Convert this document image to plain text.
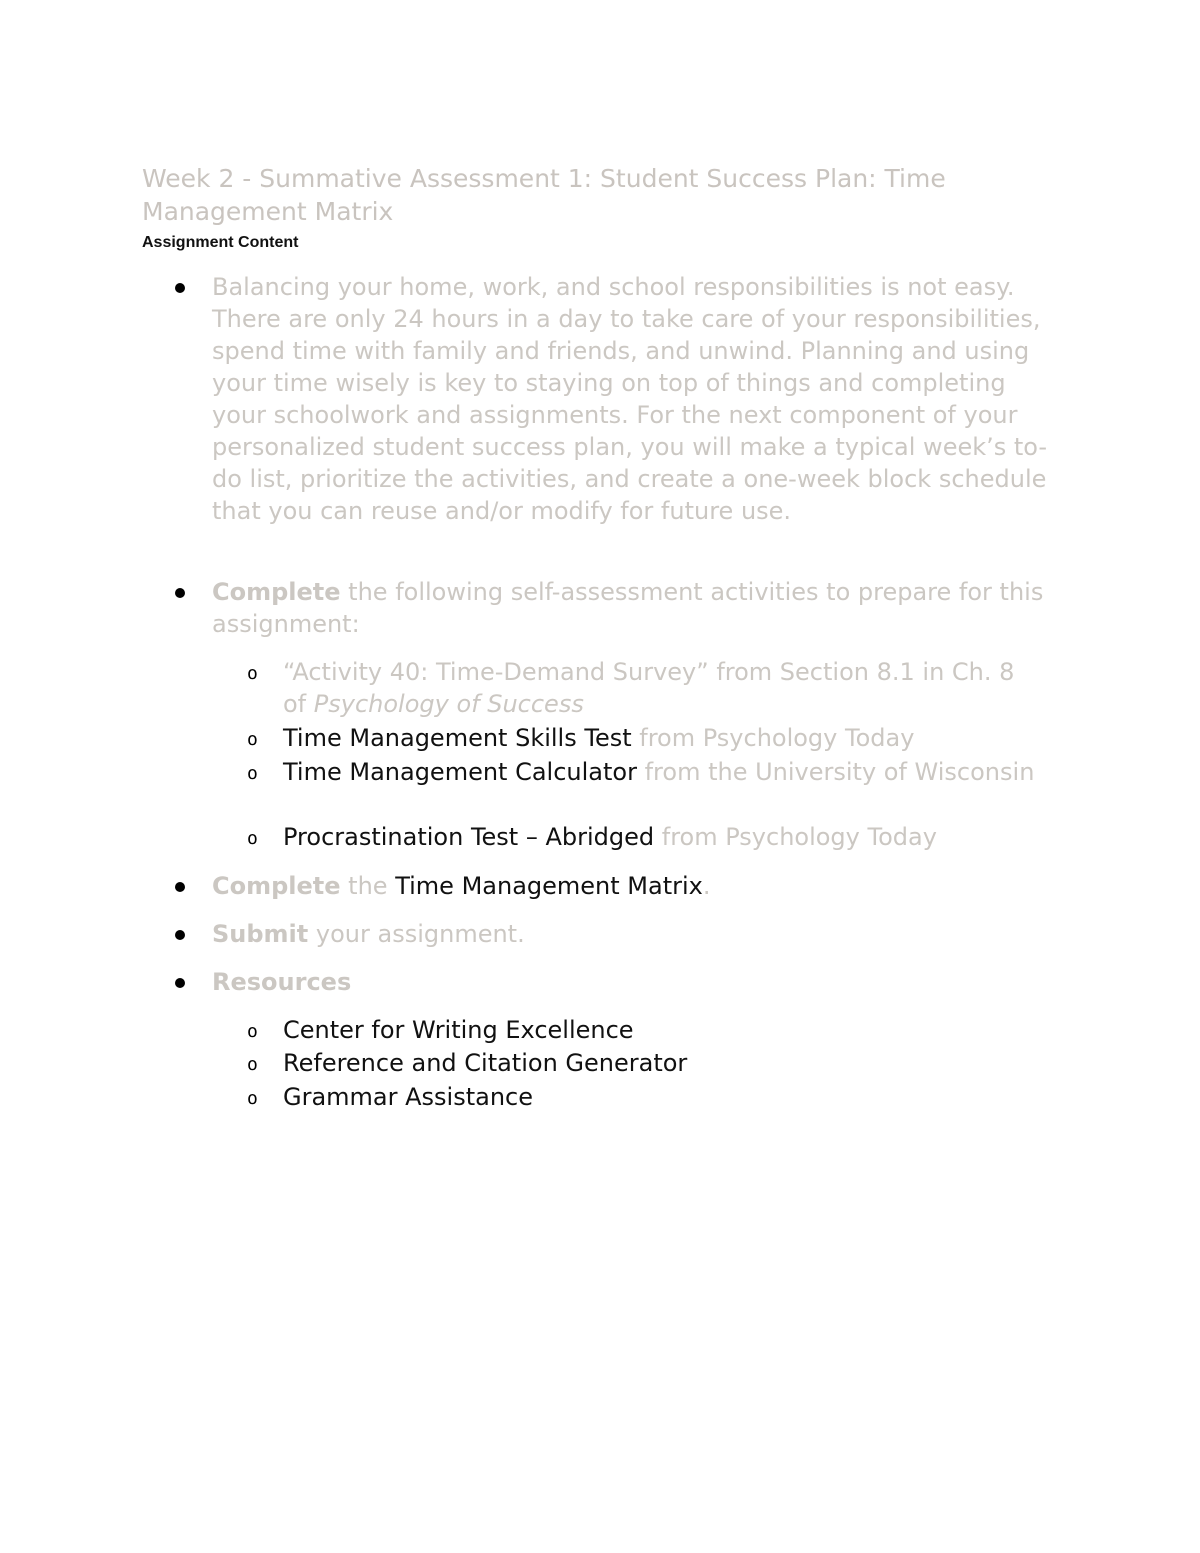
Week 2 - Summative Assessment 1: Student Success Plan: Time Management Matrix

Assignment Content

Balancing your home, work, and school responsibilities is not easy. There are only 24 hours in a day to take care of your responsibilities, spend time with family and friends, and unwind. Planning and using your time wisely is key to staying on top of things and completing your schoolwork and assignments. For the next component of your personalized student success plan, you will make a typical week’s to-do list, prioritize the activities, and create a one-week block schedule that you can reuse and/or modify for future use.
Complete the following self-assessment activities to prepare for this assignment:
o “Activity 40: Time-Demand Survey” from Section 8.1 in Ch. 8 of Psychology of Success
o Time Management Skills Test from Psychology Today
o Time Management Calculator from the University of Wisconsin
o Procrastination Test – Abridged from Psychology Today
Complete the Time Management Matrix.
Submit your assignment.
Resources
o Center for Writing Excellence
o Reference and Citation Generator
o Grammar Assistance
